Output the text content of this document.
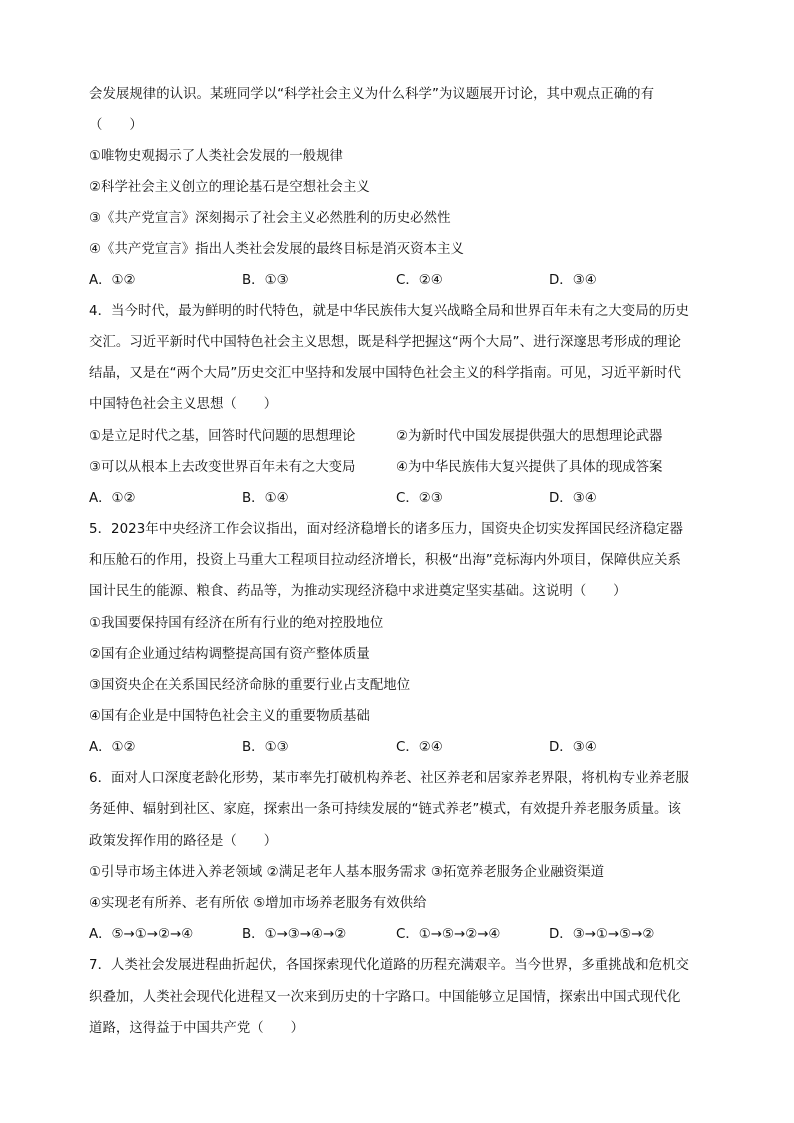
会发展规律的认识。某班同学以“科学社会主义为什么科学”为议题展开讨论，其中观点正确的有
（　　）
①唯物史观揭示了人类社会发展的一般规律
②科学社会主义创立的理论基石是空想社会主义
③《共产党宣言》深刻揭示了社会主义必然胜利的历史必然性
④《共产党宣言》指出人类社会发展的最终目标是消灭资本主义
A．①②	B．①③	C．②④	D．③④
4．当今时代，最为鲜明的时代特色，就是中华民族伟大复兴战略全局和世界百年未有之大变局的历史
交汇。习近平新时代中国特色社会主义思想，既是科学把握这“两个大局”、进行深邃思考形成的理论
结晶，又是在“两个大局”历史交汇中坚持和发展中国特色社会主义的科学指南。可见，习近平新时代
中国特色社会主义思想（　　）
①是立足时代之基，回答时代问题的思想理论	②为新时代中国发展提供强大的思想理论武器
③可以从根本上去改变世界百年未有之大变局	④为中华民族伟大复兴提供了具体的现成答案
A．①②	B．①④	C．②③	D．③④
5．2023年中央经济工作会议指出，面对经济稳增长的诸多压力，国资央企切实发挥国民经济稳定器
和压舱石的作用，投资上马重大工程项目拉动经济增长，积极“出海”竞标海内外项目，保障供应关系
国计民生的能源、粮食、药品等，为推动实现经济稳中求进奠定坚实基础。这说明（　　）
①我国要保持国有经济在所有行业的绝对控股地位
②国有企业通过结构调整提高国有资产整体质量
③国资央企在关系国民经济命脉的重要行业占支配地位
④国有企业是中国特色社会主义的重要物质基础
A．①②	B．①③	C．②④	D．③④
6．面对人口深度老龄化形势，某市率先打破机构养老、社区养老和居家养老界限，将机构专业养老服
务延伸、辐射到社区、家庭，探索出一条可持续发展的“链式养老”模式，有效提升养老服务质量。该
政策发挥作用的路径是（　　）
①引导市场主体进入养老领域 ②满足老年人基本服务需求 ③拓宽养老服务企业融资渠道
④实现老有所养、老有所依 ⑤增加市场养老服务有效供给
A．⑤→①→②→④	B．①→③→④→②	C．①→⑤→②→④	D．③→①→⑤→②
7．人类社会发展进程曲折起伏，各国探索现代化道路的历程充满艰辛。当今世界，多重挑战和危机交
织叠加，人类社会现代化进程又一次来到历史的十字路口。中国能够立足国情，探索出中国式现代化
道路，这得益于中国共产党（　　）
